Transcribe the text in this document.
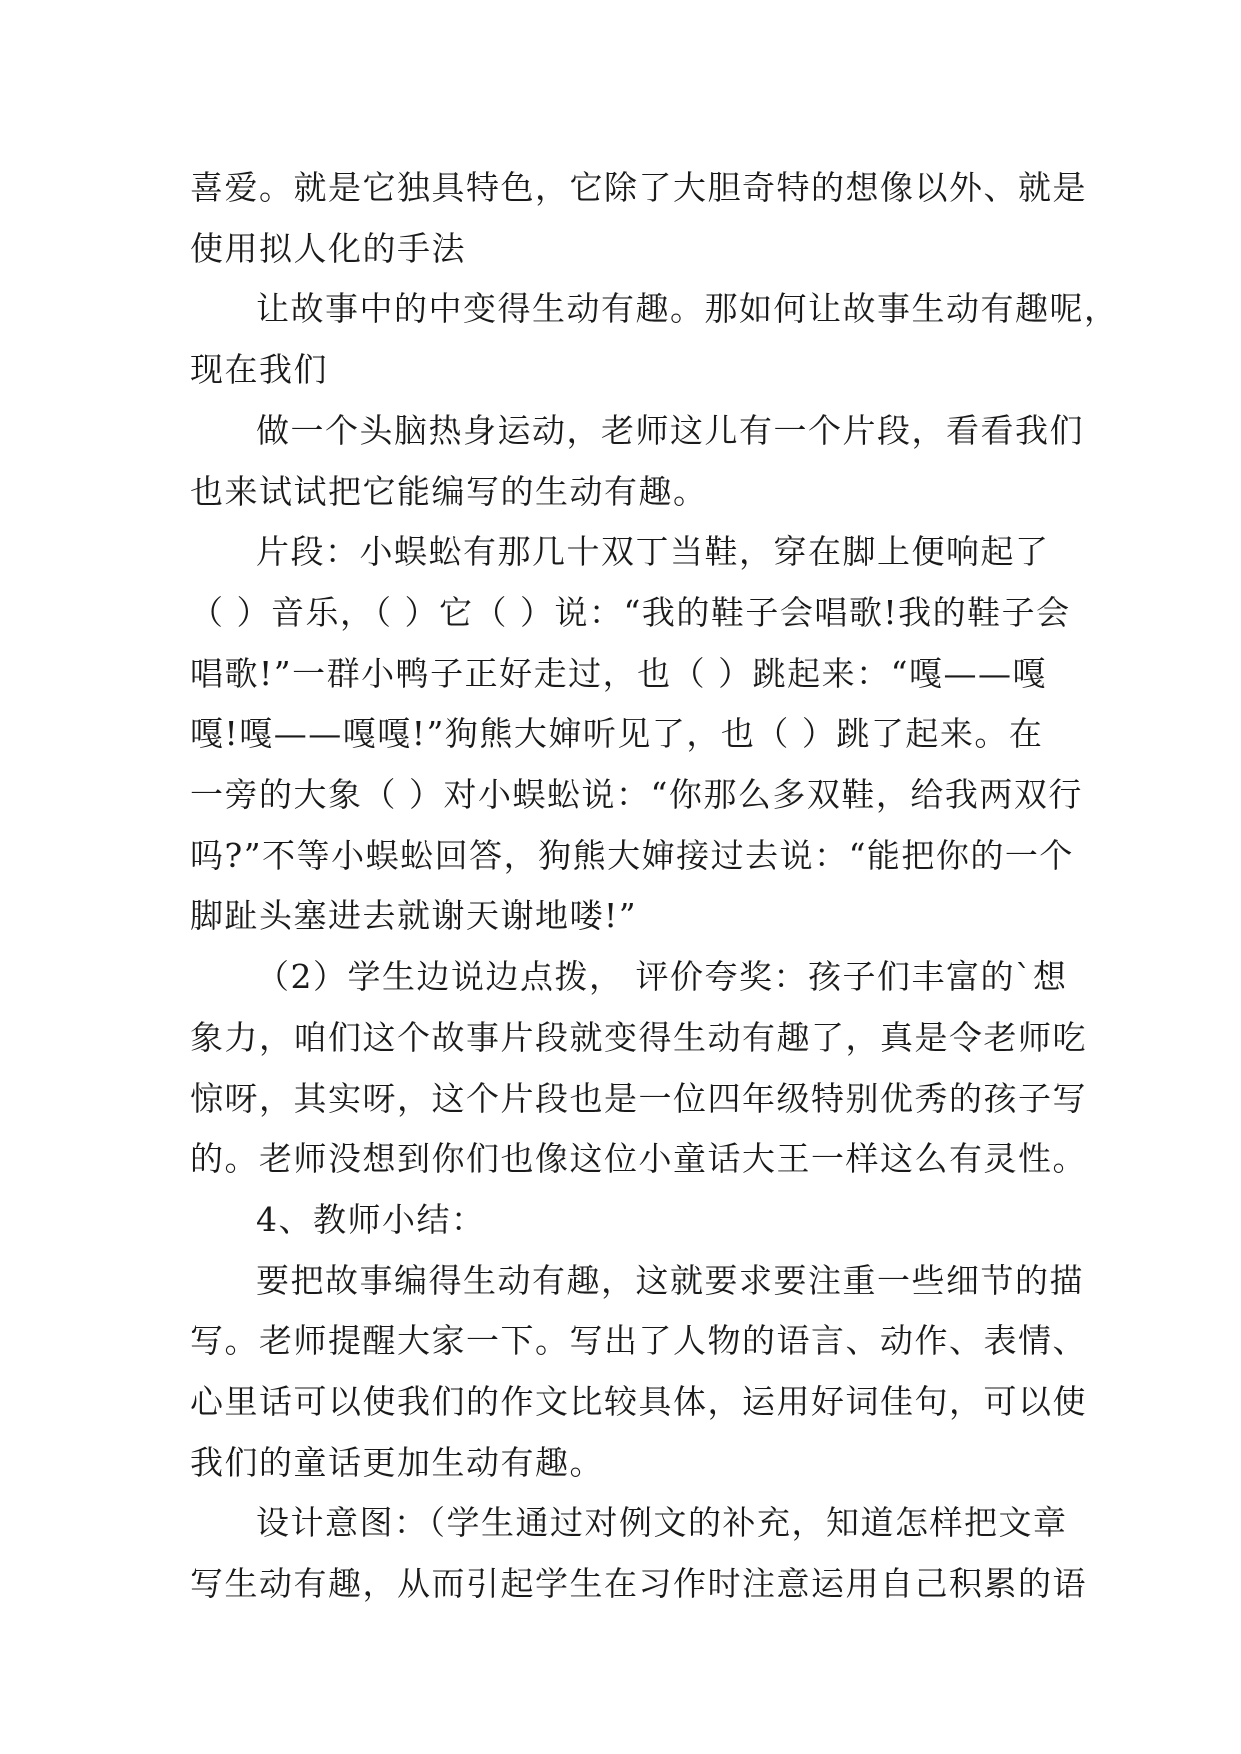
喜爱。就是它独具特色，它除了大胆奇特的想像以外、就是
使用拟人化的手法

让故事中的中变得生动有趣。那如何让故事生动有趣呢，
现在我们

做一个头脑热身运动，老师这儿有一个片段，看看我们
也来试试把它能编写的生动有趣。

片段：小蜈蚣有那几十双丁当鞋，穿在脚上便响起了
（ ）音乐，（ ）它（ ）说：“我的鞋子会唱歌!我的鞋子会
唱歌!”一群小鸭子正好走过，也（ ）跳起来：“嘎——嘎
嘎!嘎——嘎嘎!”狗熊大婶听见了，也（ ）跳了起来。在
一旁的大象（ ）对小蜈蚣说：“你那么多双鞋，给我两双行
吗?”不等小蜈蚣回答，狗熊大婶接过去说：“能把你的一个
脚趾头塞进去就谢天谢地喽!”

（2）学生边说边点拨， 评价夸奖：孩子们丰富的`想
象力，咱们这个故事片段就变得生动有趣了，真是令老师吃
惊呀，其实呀，这个片段也是一位四年级特别优秀的孩子写
的。老师没想到你们也像这位小童话大王一样这么有灵性。

4、教师小结：

要把故事编得生动有趣，这就要求要注重一些细节的描
写。老师提醒大家一下。写出了人物的语言、动作、表情、
心里话可以使我们的作文比较具体，运用好词佳句，可以使
我们的童话更加生动有趣。

设计意图：（学生通过对例文的补充，知道怎样把文章
写生动有趣，从而引起学生在习作时注意运用自己积累的语
